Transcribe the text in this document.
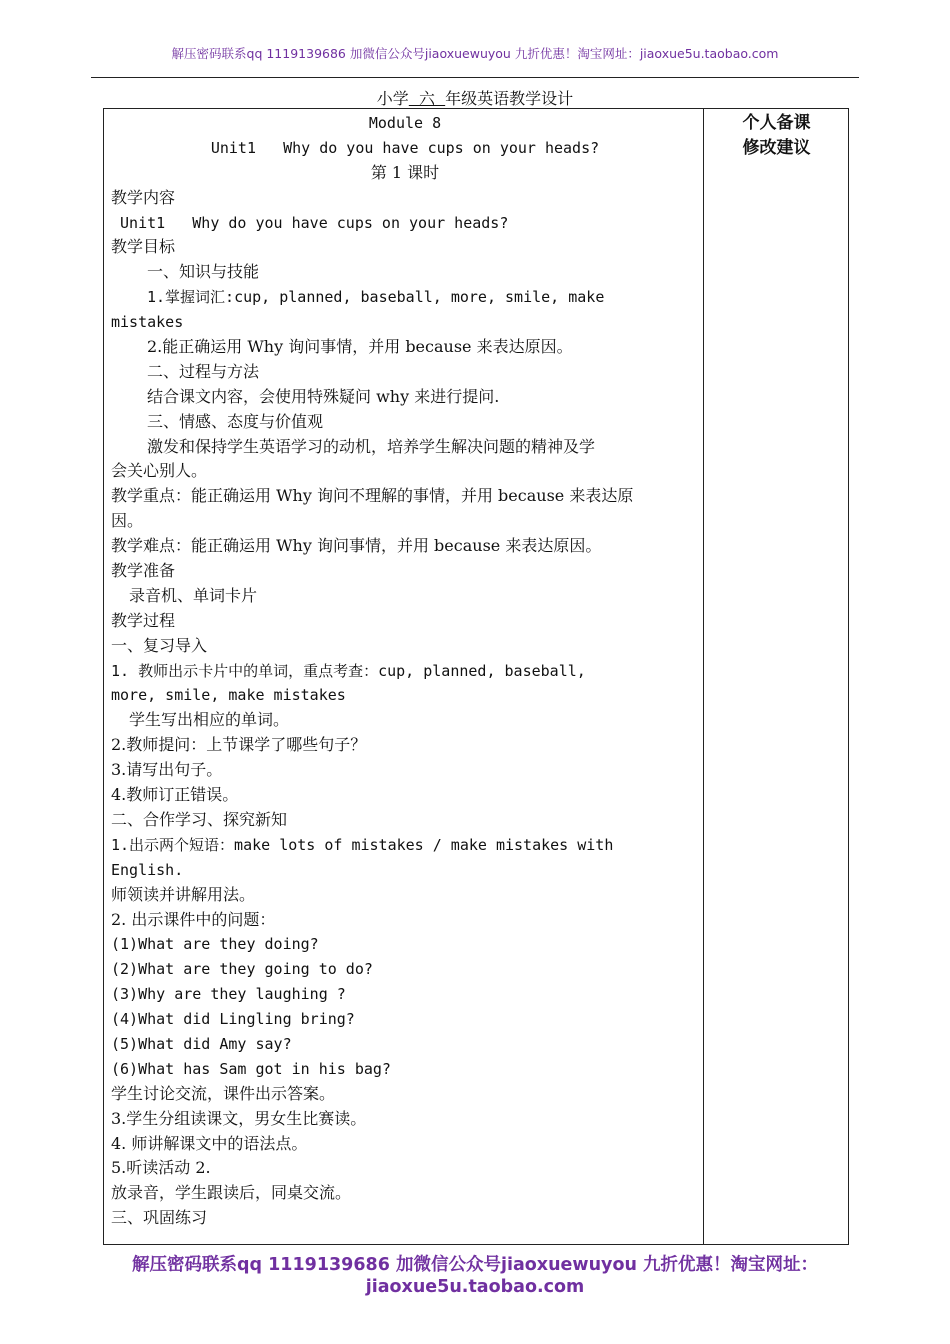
解压密码联系qq 1119139686 加微信公众号jiaoxuewuyou 九折优惠！淘宝网址：jiaoxue5u.taobao.com
小学  六  年级英语教学设计
Module 8
Unit1   Why do you have cups on your heads?
第 1 课时
教学内容
Unit1   Why do you have cups on your heads?
教学目标
一、知识与技能
1.掌握词汇:cup, planned, baseball, more, smile, make
mistakes
2.能正确运用 Why 询问事情，并用 because 来表达原因。
二、过程与方法
结合课文内容，会使用特殊疑问 why 来进行提问.
三、情感、态度与价值观
激发和保持学生英语学习的动机，培养学生解决问题的精神及学
会关心别人。
教学重点：能正确运用 Why 询问不理解的事情，并用 because 来表达原
因。
教学难点：能正确运用 Why 询问事情，并用 because 来表达原因。
教学准备
录音机、单词卡片
教学过程
一、复习导入
1. 教师出示卡片中的单词，重点考查：cup, planned, baseball,
more, smile, make mistakes
学生写出相应的单词。
2.教师提问：上节课学了哪些句子？
3.请写出句子。
4.教师订正错误。
二、合作学习、探究新知
1.出示两个短语：make lots of mistakes / make mistakes with
English.
师领读并讲解用法。
2. 出示课件中的问题：
(1)What are they doing?
(2)What are they going to do?
(3)Why are they laughing ?
(4)What did Lingling bring?
(5)What did Amy say?
(6)What has Sam got in his bag?
学生讨论交流，课件出示答案。
3.学生分组读课文，男女生比赛读。
4. 师讲解课文中的语法点。
5.听读活动 2.
放录音，学生跟读后，同桌交流。
三、巩固练习
个人备课
修改建议
解压密码联系qq 1119139686 加微信公众号jiaoxuewuyou 九折优惠！淘宝网址：
jiaoxue5u.taobao.com
